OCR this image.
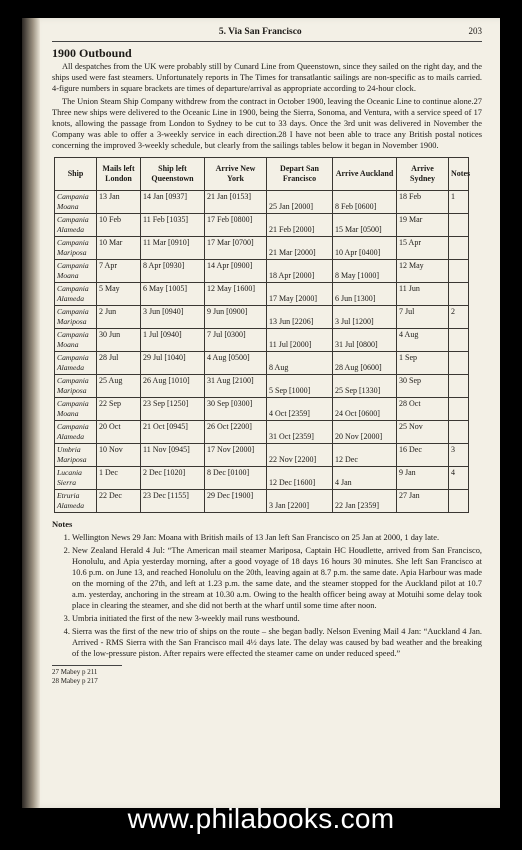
5. Via San Francisco	203
1900 Outbound

All despatches from the UK were probably still by Cunard Line from Queenstown, since they sailed on the right day, and the ships used were fast steamers. Unfortunately reports in The Times for transatlantic sailings are non-specific as to mails carried. 4-figure numbers in square brackets are times of departure/arrival as appropriate according to 24-hour clock.

The Union Steam Ship Company withdrew from the contract in October 1900, leaving the Oceanic Line to continue alone.27 Three new ships were delivered to the Oceanic Line in 1900, being the Sierra, Sonoma, and Ventura, with a service speed of 17 knots, allowing the passage from London to Sydney to be cut to 33 days. Once the 3rd unit was delivered in November the Company was able to offer a 3-weekly service in each direction.28 I have not been able to trace any British postal notices concerning the improved 3-weekly schedule, but clearly from the sailings tables below it began in November 1900.

Ship	Mails left London	Ship left Queenstown	Arrive New York	Depart San Francisco	Arrive Auckland	Arrive Sydney	Notes
Campania
Moana	13 Jan	14 Jan [0937]	21 Jan [0153]	25 Jan [2000]	8 Feb [0600]	18 Feb	1
Campania
Alameda	10 Feb	11 Feb [1035]	17 Feb [0800]	21 Feb [2000]	15 Mar [0500]	19 Mar	
Campania
Mariposa	10 Mar	11 Mar [0910]	17 Mar [0700]	21 Mar [2000]	10 Apr [0400]	15 Apr	
Campania
Moana	7 Apr	8 Apr [0930]	14 Apr [0900]	18 Apr [2000]	8 May [1000]	12 May	
Campania
Alameda	5 May	6 May [1005]	12 May [1600]	17 May [2000]	6 Jun [1300]	11 Jun	
Campania
Mariposa	2 Jun	3 Jun [0940]	9 Jun [0900]	13 Jun [2206]	3 Jul [1200]	7 Jul	2
Campania
Moana	30 Jun	1 Jul [0940]	7 Jul [0300]	11 Jul [2000]	31 Jul [0800]	4 Aug	
Campania
Alameda	28 Jul	29 Jul [1040]	4 Aug [0500]	8 Aug	28 Aug [0600]	1 Sep	
Campania
Mariposa	25 Aug	26 Aug [1010]	31 Aug [2100]	5 Sep [1000]	25 Sep [1330]	30 Sep	
Campania
Moana	22 Sep	23 Sep [1250]	30 Sep [0300]	4 Oct [2359]	24 Oct [0600]	28 Oct	
Campania
Alameda	20 Oct	21 Oct [0945]	26 Oct [2200]	31 Oct [2359]	20 Nov [2000]	25 Nov	
Umbria
Mariposa	10 Nov	11 Nov [0945]	17 Nov [2000]	22 Nov [2200]	12 Dec	16 Dec	3
Lucania
Sierra	1 Dec	2 Dec [1020]	8 Dec [0100]	12 Dec [1600]	4 Jan	9 Jan	4
Etruria
Alameda	22 Dec	23 Dec [1155]	29 Dec [1900]	3 Jan [2200]	22 Jan [2359]	27 Jan	
Notes
1. Wellington News 29 Jan: Moana with British mails of 13 Jan left San Francisco on 25 Jan at 2000, 1 day late.
2. New Zealand Herald 4 Jul: “The American mail steamer Mariposa, Captain HC Houdlette, arrived from San Francisco, Honolulu, and Apia yesterday morning, after a good voyage of 18 days 16 hours 30 minutes. She left San Francisco at 10.6 p.m. on June 13, and reached Honolulu on the 20th, leaving again at 8.7 p.m. the same date. Apia Harbour was made on the morning of the 27th, and left at 1.23 p.m. the same date, and the steamer stopped for the Auckland pilot at 10.7 a.m. yesterday, anchoring in the stream at 10.30 a.m. Owing to the health officer being away at Motuihi some delay took place in clearing the steamer, and she did not berth at the wharf until some time after noon.
3. Umbria initiated the first of the new 3-weekly mail runs westbound.
4. Sierra was the first of the new trio of ships on the route – she began badly. Nelson Evening Mail 4 Jan: “Auckland 4 Jan. Arrived - RMS Sierra with the San Francisco mail 4½ days late. The delay was caused by bad weather and the breaking of the low-pressure piston. After repairs were effected the steamer came on under reduced speed.”
27 Mabey p 211
28 Mabey p 217
www.philabooks.com
